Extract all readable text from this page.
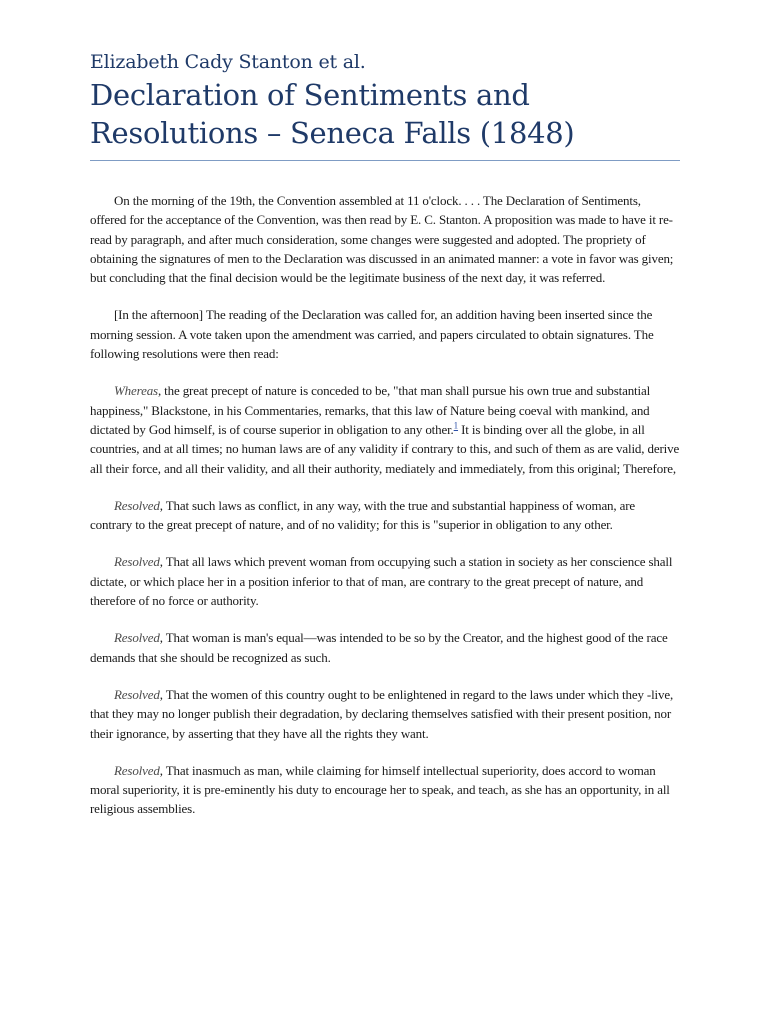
Elizabeth Cady Stanton et al.
Declaration of Sentiments and
Resolutions – Seneca Falls (1848)

On the morning of the 19th, the Convention assembled at 11 o'clock. . . . The Declaration of Sentiments, offered for the acceptance of the Convention, was then read by E. C. Stanton. A proposition was made to have it re-read by paragraph, and after much consideration, some changes were suggested and adopted. The propriety of obtaining the signatures of men to the Declaration was discussed in an animated manner: a vote in favor was given; but concluding that the final decision would be the legitimate business of the next day, it was referred.

[In the afternoon] The reading of the Declaration was called for, an addition having been inserted since the morning session. A vote taken upon the amendment was carried, and papers circulated to obtain signatures. The following resolutions were then read:

Whereas, the great precept of nature is conceded to be, "that man shall pursue his own true and substantial happiness," Blackstone, in his Commentaries, remarks, that this law of Nature being coeval with mankind, and dictated by God himself, is of course superior in obligation to any other.$^1$ It is binding over all the globe, in all countries, and at all times; no human laws are of any validity if contrary to this, and such of them as are valid, derive all their force, and all their validity, and all their authority, mediately and immediately, from this original; Therefore,

Resolved, That such laws as conflict, in any way, with the true and substantial happiness of woman, are contrary to the great precept of nature, and of no validity; for this is "superior in obligation to any other.

Resolved, That all laws which prevent woman from occupying such a station in society as her conscience shall dictate, or which place her in a position inferior to that of man, are contrary to the great precept of nature, and therefore of no force or authority.

Resolved, That woman is man's equal—was intended to be so by the Creator, and the highest good of the race demands that she should be recognized as such.

Resolved, That the women of this country ought to be enlightened in regard to the laws under which they -live, that they may no longer publish their degradation, by declaring themselves satisfied with their present position, nor their ignorance, by asserting that they have all the rights they want.

Resolved, That inasmuch as man, while claiming for himself intellectual superiority, does accord to woman moral superiority, it is pre-eminently his duty to encourage her to speak, and teach, as she has an opportunity, in all religious assemblies.
